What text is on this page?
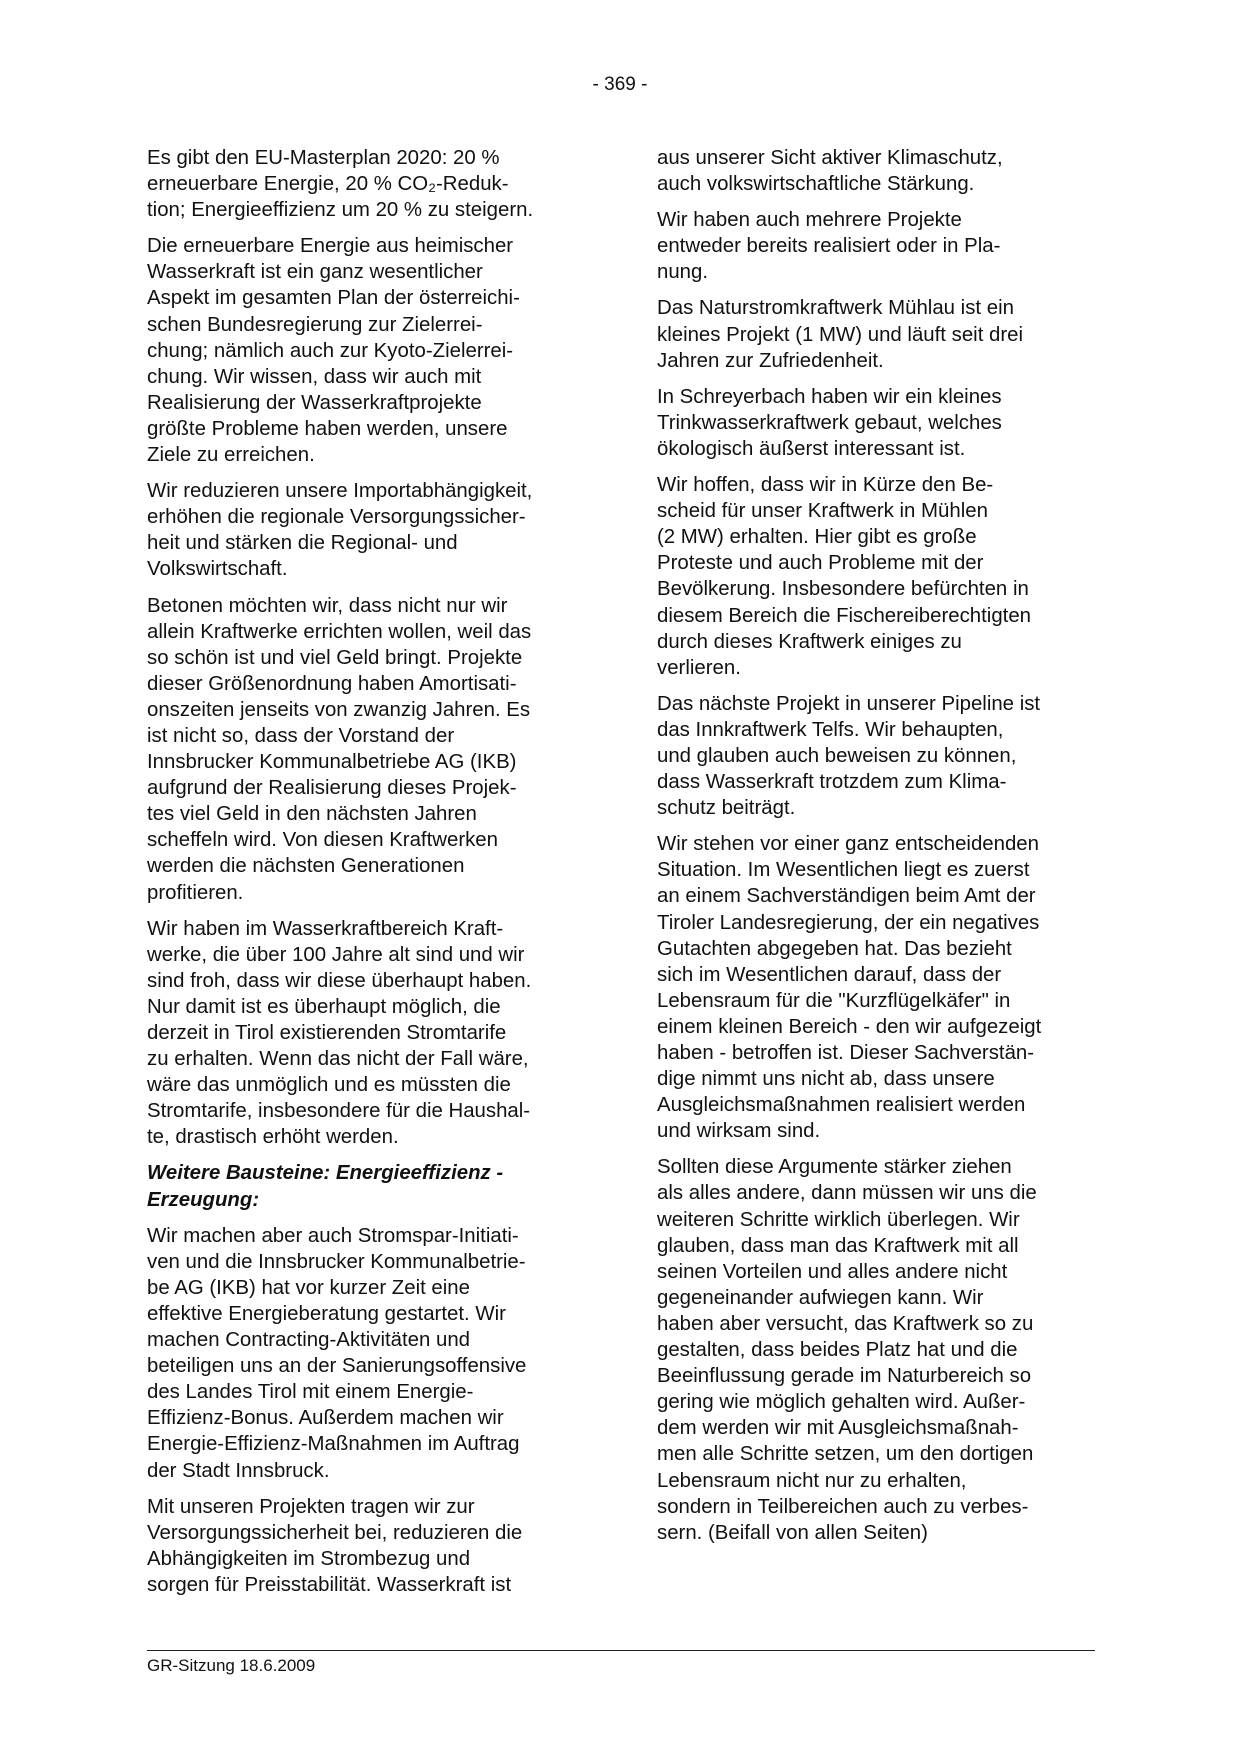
- 369 -

Es gibt den EU-Masterplan 2020: 20 %
erneuerbare Energie, 20 % CO₂-Reduk-
tion; Energieeffizienz um 20 % zu steigern.

Die erneuerbare Energie aus heimischer
Wasserkraft ist ein ganz wesentlicher
Aspekt im gesamten Plan der österreichi-
schen Bundesregierung zur Zielerrei-
chung; nämlich auch zur Kyoto-Zielerrei-
chung. Wir wissen, dass wir auch mit
Realisierung der Wasserkraftprojekte
größte Probleme haben werden, unsere
Ziele zu erreichen.

Wir reduzieren unsere Importabhängigkeit,
erhöhen die regionale Versorgungssicher-
heit und stärken die Regional- und
Volkswirtschaft.

Betonen möchten wir, dass nicht nur wir
allein Kraftwerke errichten wollen, weil das
so schön ist und viel Geld bringt. Projekte
dieser Größenordnung haben Amortisati-
onszeiten jenseits von zwanzig Jahren. Es
ist nicht so, dass der Vorstand der
Innsbrucker Kommunalbetriebe AG (IKB)
aufgrund der Realisierung dieses Projek-
tes viel Geld in den nächsten Jahren
scheffeln wird. Von diesen Kraftwerken
werden die nächsten Generationen
profitieren.

Wir haben im Wasserkraftbereich Kraft-
werke, die über 100 Jahre alt sind und wir
sind froh, dass wir diese überhaupt haben.
Nur damit ist es überhaupt möglich, die
derzeit in Tirol existierenden Stromtarife
zu erhalten. Wenn das nicht der Fall wäre,
wäre das unmöglich und es müssten die
Stromtarife, insbesondere für die Haushal-
te, drastisch erhöht werden.

Weitere Bausteine: Energieeffizienz -
Erzeugung:

Wir machen aber auch Stromspar-Initiati-
ven und die Innsbrucker Kommunalbetrie-
be AG (IKB) hat vor kurzer Zeit eine
effektive Energieberatung gestartet. Wir
machen Contracting-Aktivitäten und
beteiligen uns an der Sanierungsoffensive
des Landes Tirol mit einem Energie-
Effizienz-Bonus. Außerdem machen wir
Energie-Effizienz-Maßnahmen im Auftrag
der Stadt Innsbruck.

Mit unseren Projekten tragen wir zur
Versorgungssicherheit bei, reduzieren die
Abhängigkeiten im Strombezug und
sorgen für Preisstabilität. Wasserkraft ist

aus unserer Sicht aktiver Klimaschutz,
auch volkswirtschaftliche Stärkung.

Wir haben auch mehrere Projekte
entweder bereits realisiert oder in Pla-
nung.

Das Naturstromkraftwerk Mühlau ist ein
kleines Projekt (1 MW) und läuft seit drei
Jahren zur Zufriedenheit.

In Schreyerbach haben wir ein kleines
Trinkwasserkraftwerk gebaut, welches
ökologisch äußerst interessant ist.

Wir hoffen, dass wir in Kürze den Be-
scheid für unser Kraftwerk in Mühlen
(2 MW) erhalten. Hier gibt es große
Proteste und auch Probleme mit der
Bevölkerung. Insbesondere befürchten in
diesem Bereich die Fischereiberechtigten
durch dieses Kraftwerk einiges zu
verlieren.

Das nächste Projekt in unserer Pipeline ist
das Innkraftwerk Telfs. Wir behaupten,
und glauben auch beweisen zu können,
dass Wasserkraft trotzdem zum Klima-
schutz beiträgt.

Wir stehen vor einer ganz entscheidenden
Situation. Im Wesentlichen liegt es zuerst
an einem Sachverständigen beim Amt der
Tiroler Landesregierung, der ein negatives
Gutachten abgegeben hat. Das bezieht
sich im Wesentlichen darauf, dass der
Lebensraum für die "Kurzflügelkäfer" in
einem kleinen Bereich - den wir aufgezeigt
haben - betroffen ist. Dieser Sachverstän-
dige nimmt uns nicht ab, dass unsere
Ausgleichsmaßnahmen realisiert werden
und wirksam sind.

Sollten diese Argumente stärker ziehen
als alles andere, dann müssen wir uns die
weiteren Schritte wirklich überlegen. Wir
glauben, dass man das Kraftwerk mit all
seinen Vorteilen und alles andere nicht
gegeneinander aufwiegen kann. Wir
haben aber versucht, das Kraftwerk so zu
gestalten, dass beides Platz hat und die
Beeinflussung gerade im Naturbereich so
gering wie möglich gehalten wird. Außer-
dem werden wir mit Ausgleichsmaßnah-
men alle Schritte setzen, um den dortigen
Lebensraum nicht nur zu erhalten,
sondern in Teilbereichen auch zu verbes-
sern. (Beifall von allen Seiten)

GR-Sitzung 18.6.2009
